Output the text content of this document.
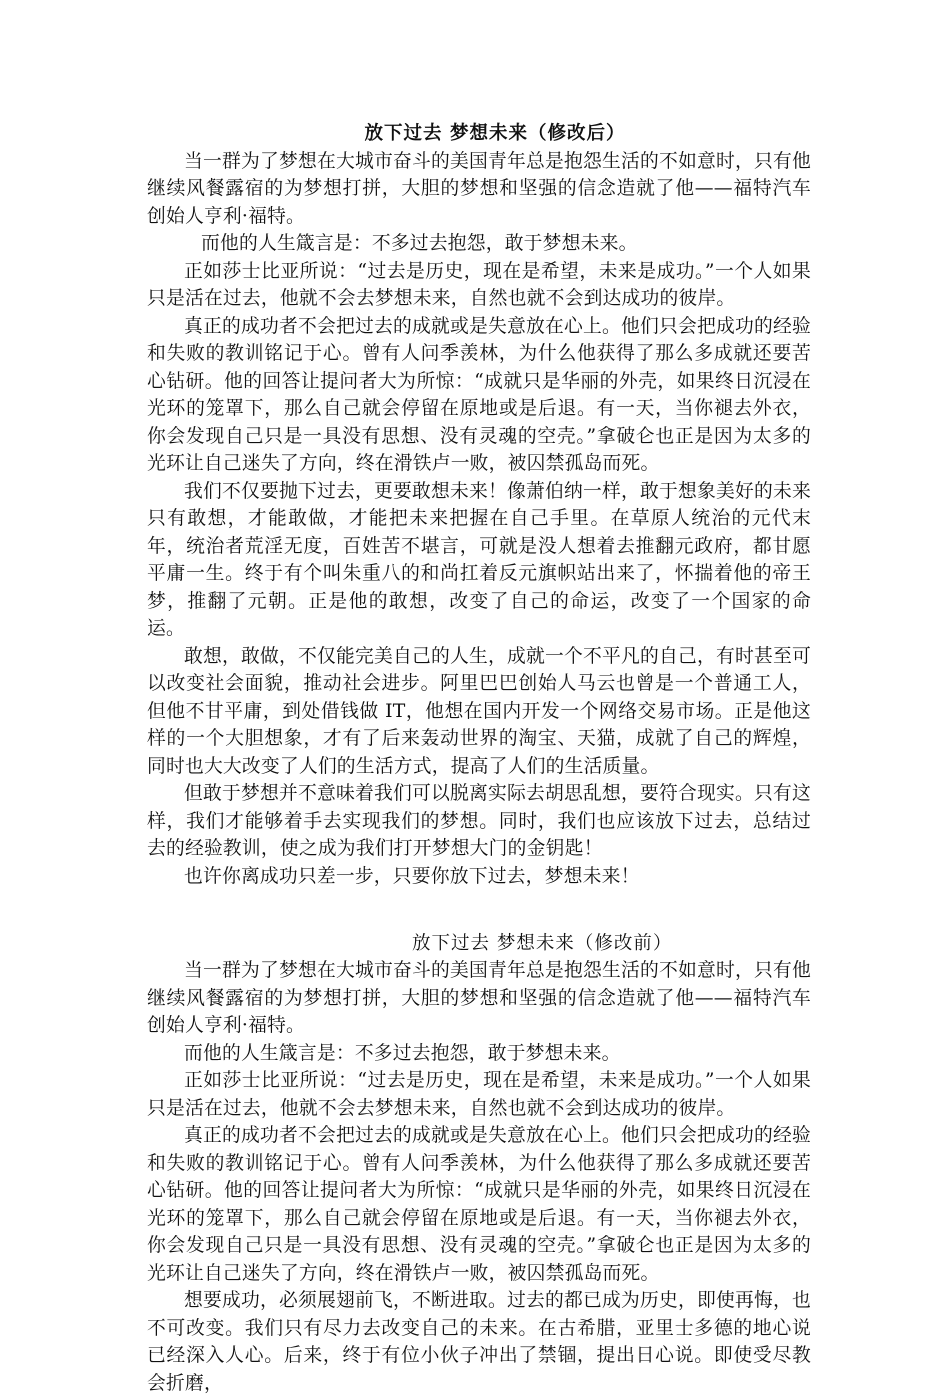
放下过去 梦想未来（修改后）

当一群为了梦想在大城市奋斗的美国青年总是抱怨生活的不如意时，只有他继续风餐露宿的为梦想打拼，大胆的梦想和坚强的信念造就了他——福特汽车创始人亨利·福特。

而他的人生箴言是：不多过去抱怨，敢于梦想未来。

正如莎士比亚所说：“过去是历史，现在是希望，未来是成功。”一个人如果只是活在过去，他就不会去梦想未来，自然也就不会到达成功的彼岸。

真正的成功者不会把过去的成就或是失意放在心上。他们只会把成功的经验和失败的教训铭记于心。曾有人问季羡林，为什么他获得了那么多成就还要苦心钻研。他的回答让提问者大为所惊：“成就只是华丽的外壳，如果终日沉浸在光环的笼罩下，那么自己就会停留在原地或是后退。有一天，当你褪去外衣，你会发现自己只是一具没有思想、没有灵魂的空壳。”拿破仑也正是因为太多的光环让自己迷失了方向，终在滑铁卢一败，被囚禁孤岛而死。

我们不仅要抛下过去，更要敢想未来！像萧伯纳一样，敢于想象美好的未来只有敢想，才能敢做，才能把未来把握在自己手里。在草原人统治的元代末年，统治者荒淫无度，百姓苦不堪言，可就是没人想着去推翻元政府，都甘愿平庸一生。终于有个叫朱重八的和尚扛着反元旗帜站出来了，怀揣着他的帝王梦，推翻了元朝。正是他的敢想，改变了自己的命运，改变了一个国家的命运。

敢想，敢做，不仅能完美自己的人生，成就一个不平凡的自己，有时甚至可以改变社会面貌，推动社会进步。阿里巴巴创始人马云也曾是一个普通工人，但他不甘平庸，到处借钱做 IT，他想在国内开发一个网络交易市场。正是他这样的一个大胆想象，才有了后来轰动世界的淘宝、天猫，成就了自己的辉煌，同时也大大改变了人们的生活方式，提高了人们的生活质量。

但敢于梦想并不意味着我们可以脱离实际去胡思乱想，要符合现实。只有这样，我们才能够着手去实现我们的梦想。同时，我们也应该放下过去，总结过去的经验教训，使之成为我们打开梦想大门的金钥匙！

也许你离成功只差一步，只要你放下过去，梦想未来！

放下过去 梦想未来（修改前）

当一群为了梦想在大城市奋斗的美国青年总是抱怨生活的不如意时，只有他继续风餐露宿的为梦想打拼，大胆的梦想和坚强的信念造就了他——福特汽车创始人亨利·福特。

而他的人生箴言是：不多过去抱怨，敢于梦想未来。

正如莎士比亚所说：“过去是历史，现在是希望，未来是成功。”一个人如果只是活在过去，他就不会去梦想未来，自然也就不会到达成功的彼岸。

真正的成功者不会把过去的成就或是失意放在心上。他们只会把成功的经验和失败的教训铭记于心。曾有人问季羡林，为什么他获得了那么多成就还要苦心钻研。他的回答让提问者大为所惊：“成就只是华丽的外壳，如果终日沉浸在光环的笼罩下，那么自己就会停留在原地或是后退。有一天，当你褪去外衣，你会发现自己只是一具没有思想、没有灵魂的空壳。”拿破仑也正是因为太多的光环让自己迷失了方向，终在滑铁卢一败，被囚禁孤岛而死。

想要成功，必须展翅前飞，不断进取。过去的都已成为历史，即使再悔，也不可改变。我们只有尽力去改变自己的未来。在古希腊，亚里士多德的地心说已经深入人心。后来，终于有位小伙子冲出了禁锢，提出日心说。即使受尽教会折磨，
